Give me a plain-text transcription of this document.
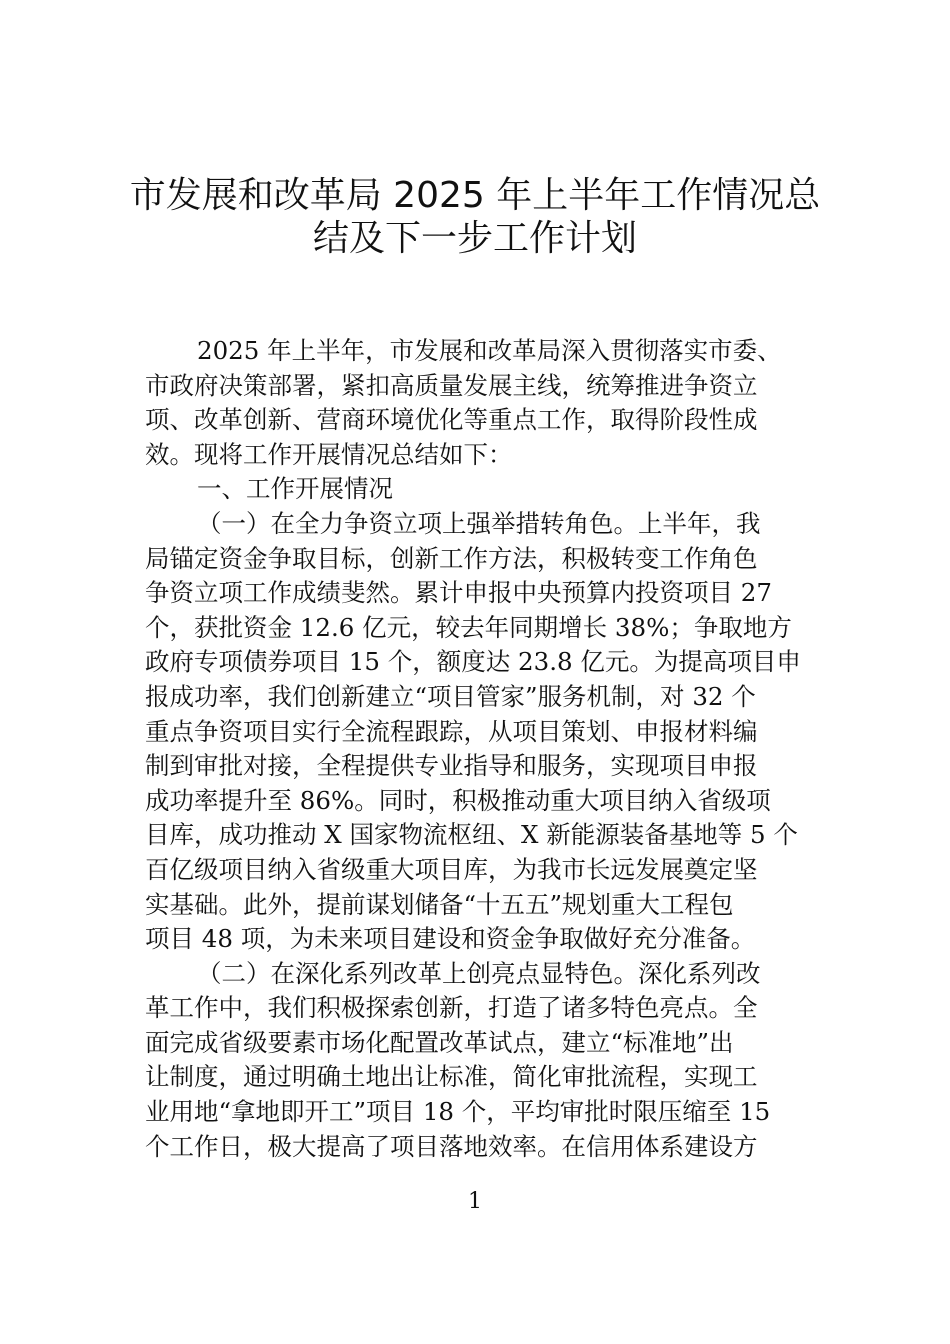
市发展和改革局 2025 年上半年工作情况总
结及下一步工作计划
2025 年上半年，市发展和改革局深入贯彻落实市委、
市政府决策部署，紧扣高质量发展主线，统筹推进争资立
项、改革创新、营商环境优化等重点工作，取得阶段性成
效。现将工作开展情况总结如下：
一、工作开展情况
（一）在全力争资立项上强举措转角色。上半年，我
局锚定资金争取目标，创新工作方法，积极转变工作角色
争资立项工作成绩斐然。累计申报中央预算内投资项目 27
个，获批资金 12.6 亿元，较去年同期增长 38%；争取地方
政府专项债券项目 15 个，额度达 23.8 亿元。为提高项目申
报成功率，我们创新建立“项目管家”服务机制，对 32 个
重点争资项目实行全流程跟踪，从项目策划、申报材料编
制到审批对接，全程提供专业指导和服务，实现项目申报
成功率提升至 86%。同时，积极推动重大项目纳入省级项
目库，成功推动 X 国家物流枢纽、X 新能源装备基地等 5 个
百亿级项目纳入省级重大项目库，为我市长远发展奠定坚
实基础。此外，提前谋划储备“十五五”规划重大工程包
项目 48 项，为未来项目建设和资金争取做好充分准备。
（二）在深化系列改革上创亮点显特色。深化系列改
革工作中，我们积极探索创新，打造了诸多特色亮点。全
面完成省级要素市场化配置改革试点，建立“标准地”出
让制度，通过明确土地出让标准，简化审批流程，实现工
业用地“拿地即开工”项目 18 个，平均审批时限压缩至 15
个工作日，极大提高了项目落地效率。在信用体系建设方
1
